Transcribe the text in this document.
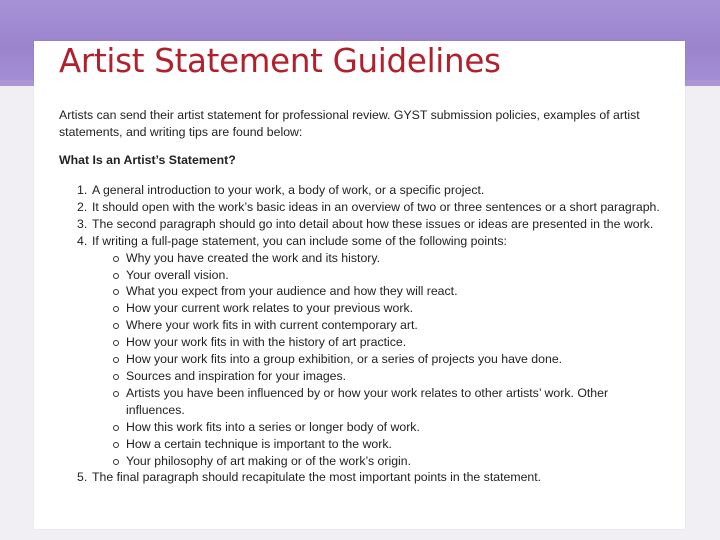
Artist Statement Guidelines

Artists can send their artist statement for professional review. GYST submission policies, examples of artist statements, and writing tips are found below:

What Is an Artist’s Statement?

1. A general introduction to your work, a body of work, or a specific project.
2. It should open with the work’s basic ideas in an overview of two or three sentences or a short paragraph.
3. The second paragraph should go into detail about how these issues or ideas are presented in the work.
4. If writing a full-page statement, you can include some of the following points:
Why you have created the work and its history.
Your overall vision.
What you expect from your audience and how they will react.
How your current work relates to your previous work.
Where your work fits in with current contemporary art.
How your work fits in with the history of art practice.
How your work fits into a group exhibition, or a series of projects you have done.
Sources and inspiration for your images.
Artists you have been influenced by or how your work relates to other artists’ work. Other influences.
How this work fits into a series or longer body of work.
How a certain technique is important to the work.
Your philosophy of art making or of the work’s origin.
5. The final paragraph should recapitulate the most important points in the statement.
